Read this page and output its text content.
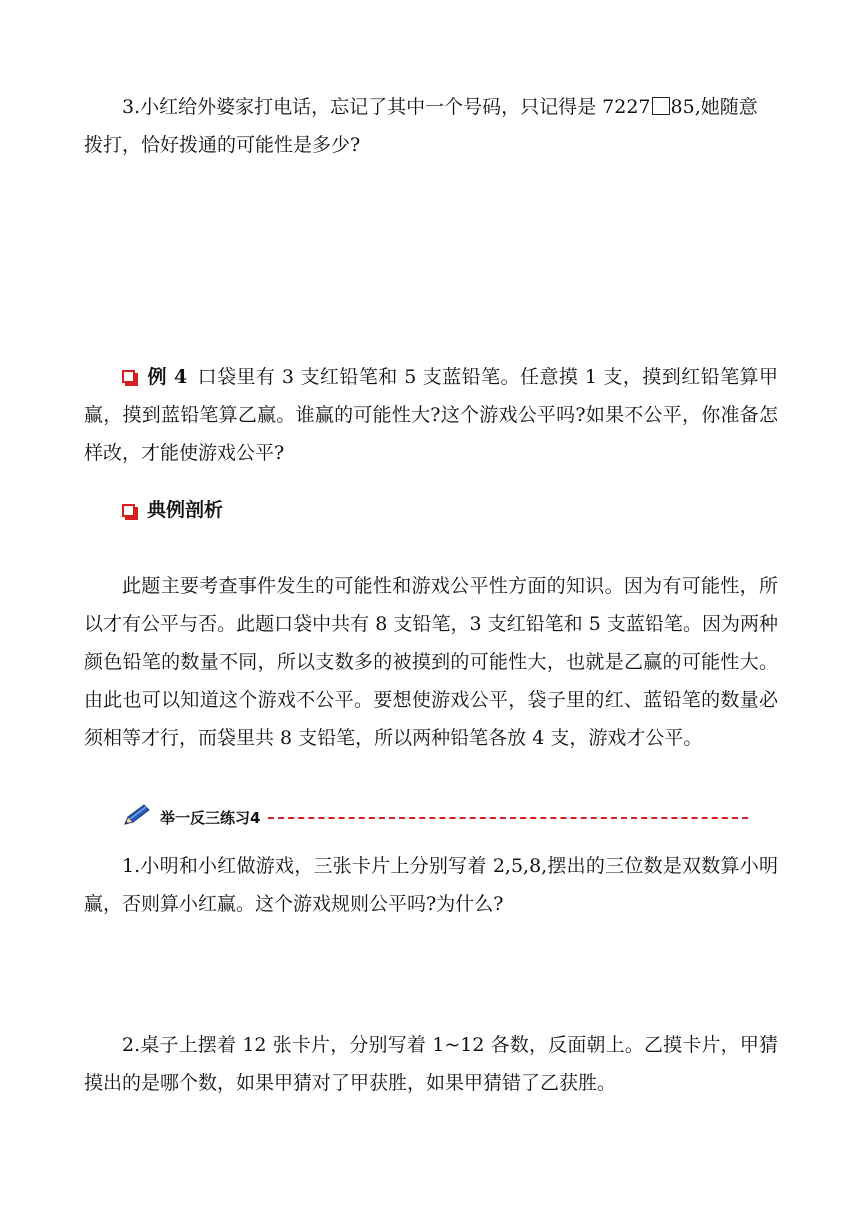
3.小红给外婆家打电话，忘记了其中一个号码，只记得是 7227 85,她随意
拨打，恰好拨通的可能性是多少?
例 4 口袋里有 3 支红铅笔和 5 支蓝铅笔。任意摸 1 支，摸到红铅笔算甲赢，摸到蓝铅笔算乙赢。谁赢的可能性大?这个游戏公平吗?如果不公平，你准备怎样改，才能使游戏公平?
典例剖析
此题主要考查事件发生的可能性和游戏公平性方面的知识。因为有可能性，所以才有公平与否。此题口袋中共有 8 支铅笔，3 支红铅笔和 5 支蓝铅笔。因为两种颜色铅笔的数量不同，所以支数多的被摸到的可能性大，也就是乙赢的可能性大。由此也可以知道这个游戏不公平。要想使游戏公平，袋子里的红、蓝铅笔的数量必须相等才行，而袋里共 8 支铅笔，所以两种铅笔各放 4 支，游戏才公平。
举一反三练习4
1.小明和小红做游戏，三张卡片上分别写着 2,5,8,摆出的三位数是双数算小明赢，否则算小红赢。这个游戏规则公平吗?为什么?
2.桌子上摆着 12 张卡片，分别写着 1~12 各数，反面朝上。乙摸卡片，甲猜摸出的是哪个数，如果甲猜对了甲获胜，如果甲猜错了乙获胜。
